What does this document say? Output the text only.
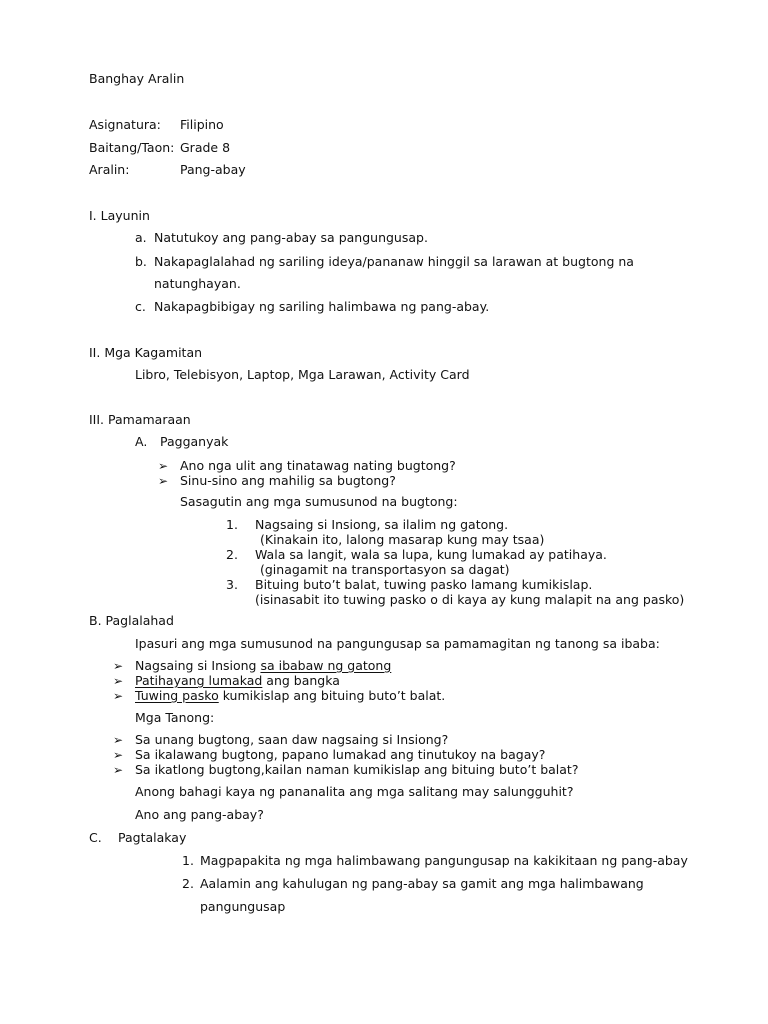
Banghay Aralin
Asignatura: Filipino
Baitang/Taon: Grade 8
Aralin:	Pang-abay
I. Layunin
a. Natutukoy ang pang-abay sa pangungusap.
b. Nakapaglalahad ng sariling ideya/pananaw hinggil sa larawan at bugtong na
natunghayan.
c. Nakapagbibigay ng sariling halimbawa ng pang-abay.
II. Mga Kagamitan
Libro, Telebisyon, Laptop, Mga Larawan, Activity Card
III. Pamamaraan
A. Pagganyak
➢ Ano nga ulit ang tinatawag nating bugtong?
➢ Sinu-sino ang mahilig sa bugtong?
Sasagutin ang mga sumusunod na bugtong:
1. Nagsaing si Insiong, sa ilalim ng gatong.
(Kinakain ito, lalong masarap kung may tsaa)
2. Wala sa langit, wala sa lupa, kung lumakad ay patihaya.
(ginagamit na transportasyon sa dagat)
3. Bituing buto’t balat, tuwing pasko lamang kumikislap.
(isinasabit ito tuwing pasko o di kaya ay kung malapit na ang pasko)
B. Paglalahad
Ipasuri ang mga sumusunod na pangungusap sa pamamagitan ng tanong sa ibaba:
➢ Nagsaing si Insiong sa ibabaw ng gatong
➢ Patihayang lumakad ang bangka
➢ Tuwing pasko kumikislap ang bituing buto’t balat.
Mga Tanong:
➢ Sa unang bugtong, saan daw nagsaing si Insiong?
➢ Sa ikalawang bugtong, papano lumakad ang tinutukoy na bagay?
➢ Sa ikatlong bugtong,kailan naman kumikislap ang bituing buto’t balat?
Anong bahagi kaya ng pananalita ang mga salitang may salungguhit?
Ano ang pang-abay?
C. Pagtalakay
1. Magpapakita ng mga halimbawang pangungusap na kakikitaan ng pang-abay
2. Aalamin ang kahulugan ng pang-abay sa gamit ang mga halimbawang
pangungusap
